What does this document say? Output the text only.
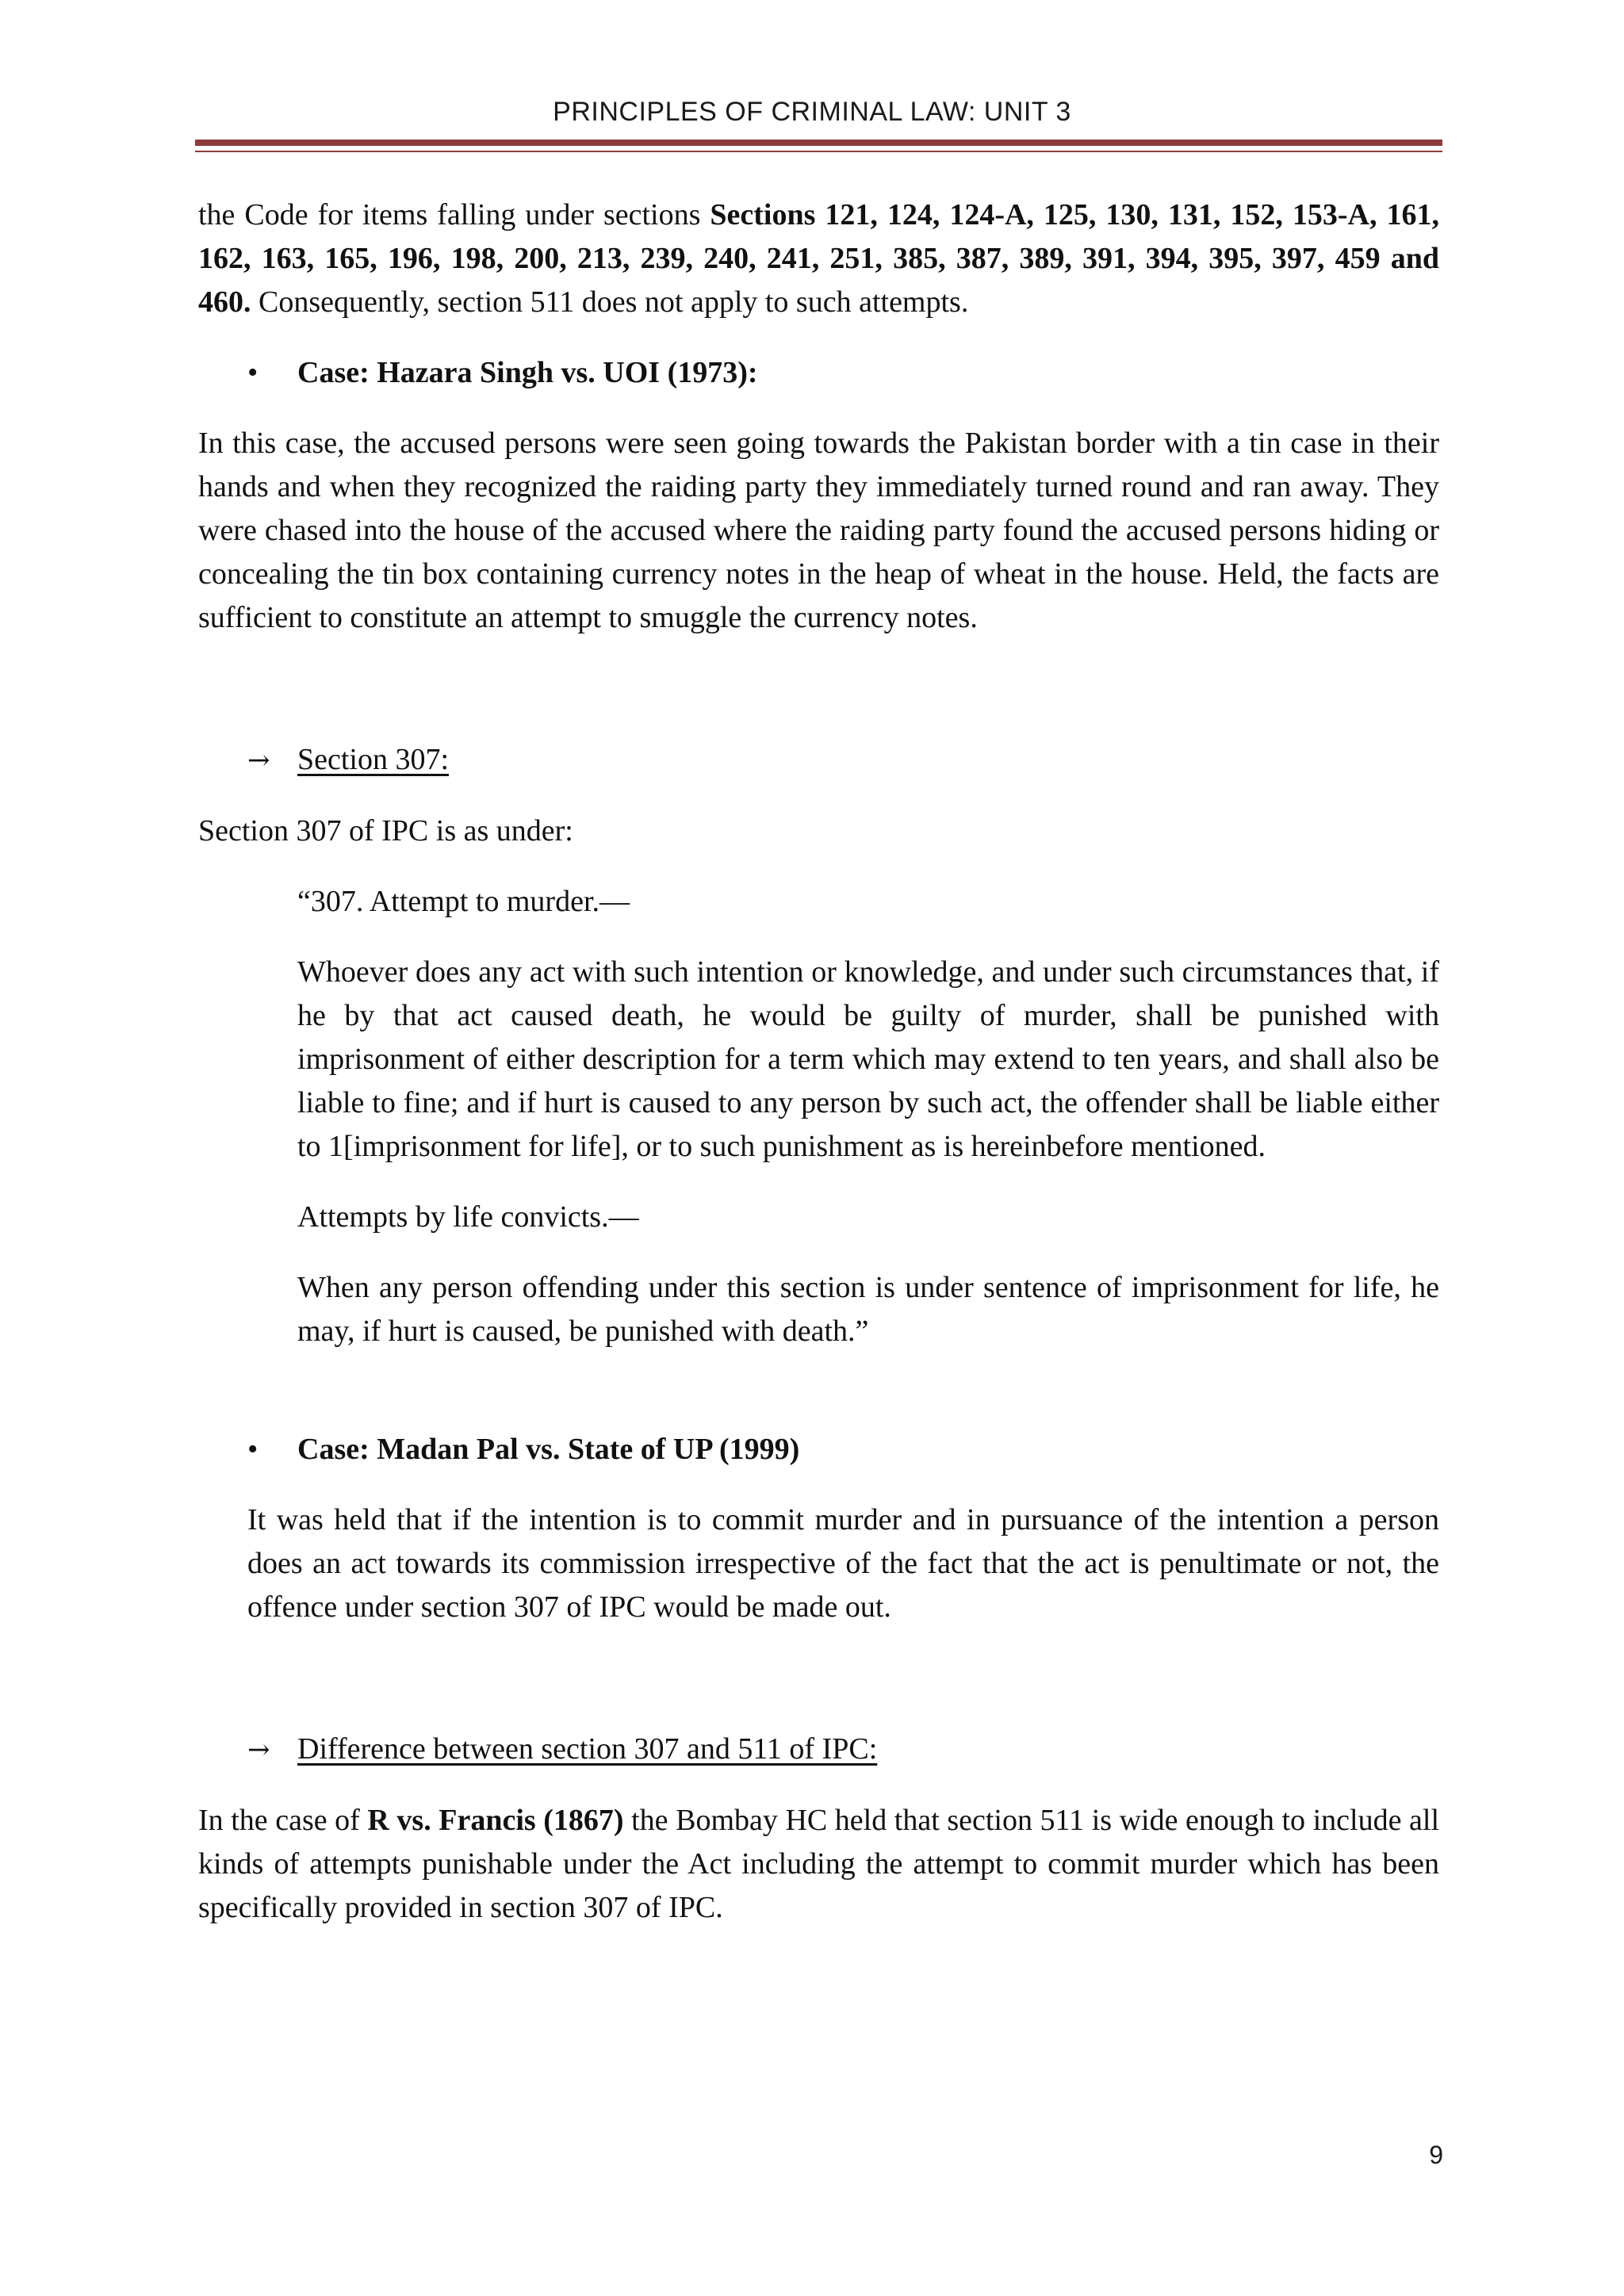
PRINCIPLES OF CRIMINAL LAW: UNIT 3

the Code for items falling under sections Sections 121, 124, 124-A, 125, 130, 131, 152, 153-A, 161, 162, 163, 165, 196, 198, 200, 213, 239, 240, 241, 251, 385, 387, 389, 391, 394, 395, 397, 459 and 460. Consequently, section 511 does not apply to such attempts.

•	Case: Hazara Singh vs. UOI (1973):

In this case, the accused persons were seen going towards the Pakistan border with a tin case in their hands and when they recognized the raiding party they immediately turned round and ran away. They were chased into the house of the accused where the raiding party found the accused persons hiding or concealing the tin box containing currency notes in the heap of wheat in the house. Held, the facts are sufficient to constitute an attempt to smuggle the currency notes.

→ Section 307:

Section 307 of IPC is as under:

“307. Attempt to murder.—

Whoever does any act with such intention or knowledge, and under such circumstances that, if he by that act caused death, he would be guilty of murder, shall be punished with imprisonment of either description for a term which may extend to ten years, and shall also be liable to fine; and if hurt is caused to any person by such act, the offender shall be liable either to 1[imprisonment for life], or to such punishment as is hereinbefore mentioned.

Attempts by life convicts.—

When any person offending under this section is under sentence of imprisonment for life, he may, if hurt is caused, be punished with death.”

•	Case: Madan Pal vs. State of UP (1999)

It was held that if the intention is to commit murder and in pursuance of the intention a person does an act towards its commission irrespective of the fact that the act is penultimate or not, the offence under section 307 of IPC would be made out.

→ Difference between section 307 and 511 of IPC:

In the case of R vs. Francis (1867) the Bombay HC held that section 511 is wide enough to include all kinds of attempts punishable under the Act including the attempt to commit murder which has been specifically provided in section 307 of IPC.

9
